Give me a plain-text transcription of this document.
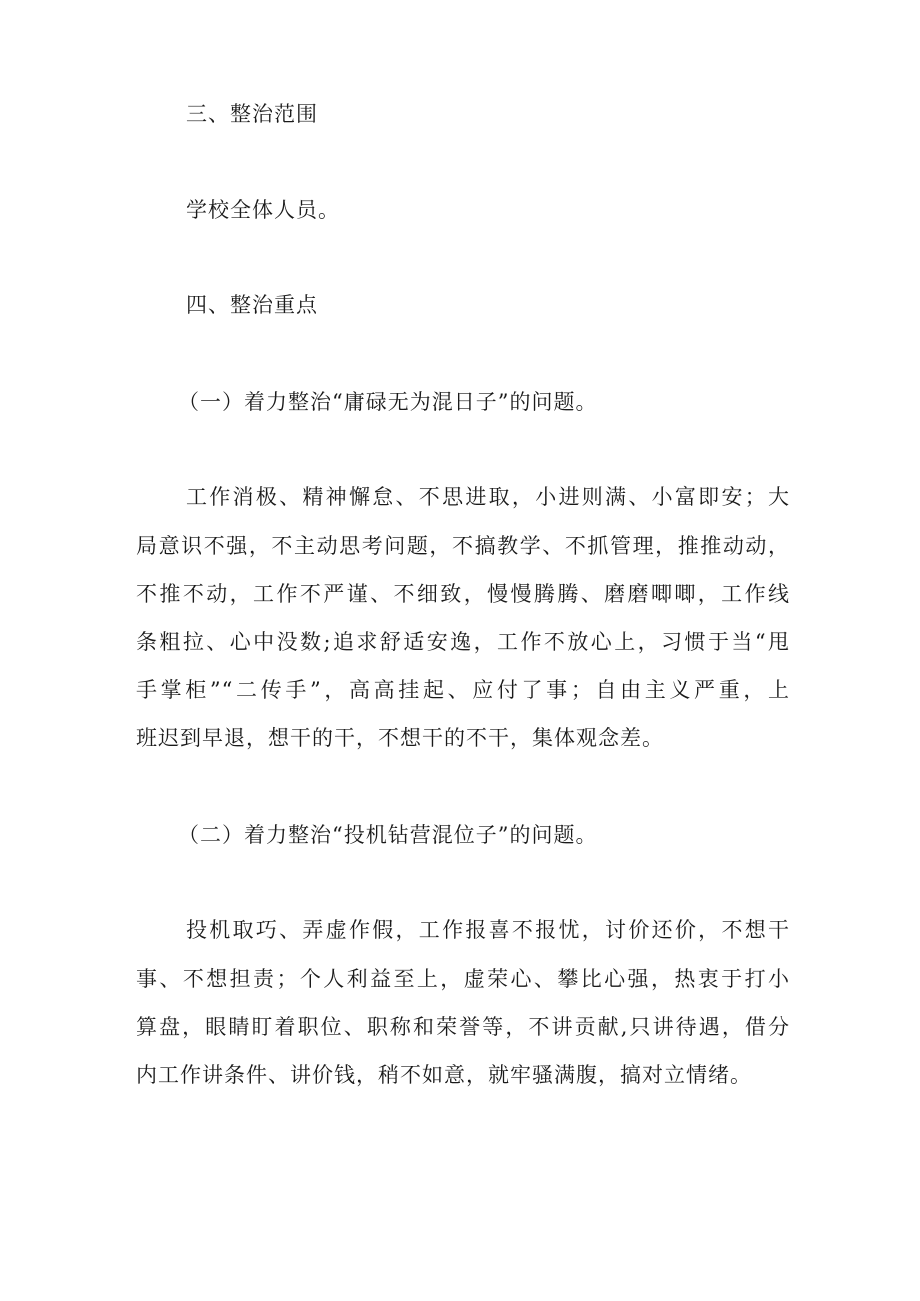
三、整治范围
学校全体人员。
四、整治重点
（一）着力整治“庸碌无为混日子”的问题。
工作消极、精神懈怠、不思进取，小进则满、小富即安；大
局意识不强，不主动思考问题，不搞教学、不抓管理，推推动动，
不推不动，工作不严谨、不细致，慢慢腾腾、磨磨唧唧，工作线
条粗拉、心中没数;追求舒适安逸，工作不放心上，习惯于当“甩
手掌柜”“二传手”，高高挂起、应付了事；自由主义严重，上
班迟到早退，想干的干，不想干的不干，集体观念差。
（二）着力整治“投机钻营混位子”的问题。
投机取巧、弄虚作假，工作报喜不报忧，讨价还价，不想干
事、不想担责；个人利益至上，虚荣心、攀比心强，热衷于打小
算盘，眼睛盯着职位、职称和荣誉等，不讲贡献,只讲待遇，借分
内工作讲条件、讲价钱，稍不如意，就牢骚满腹，搞对立情绪。
